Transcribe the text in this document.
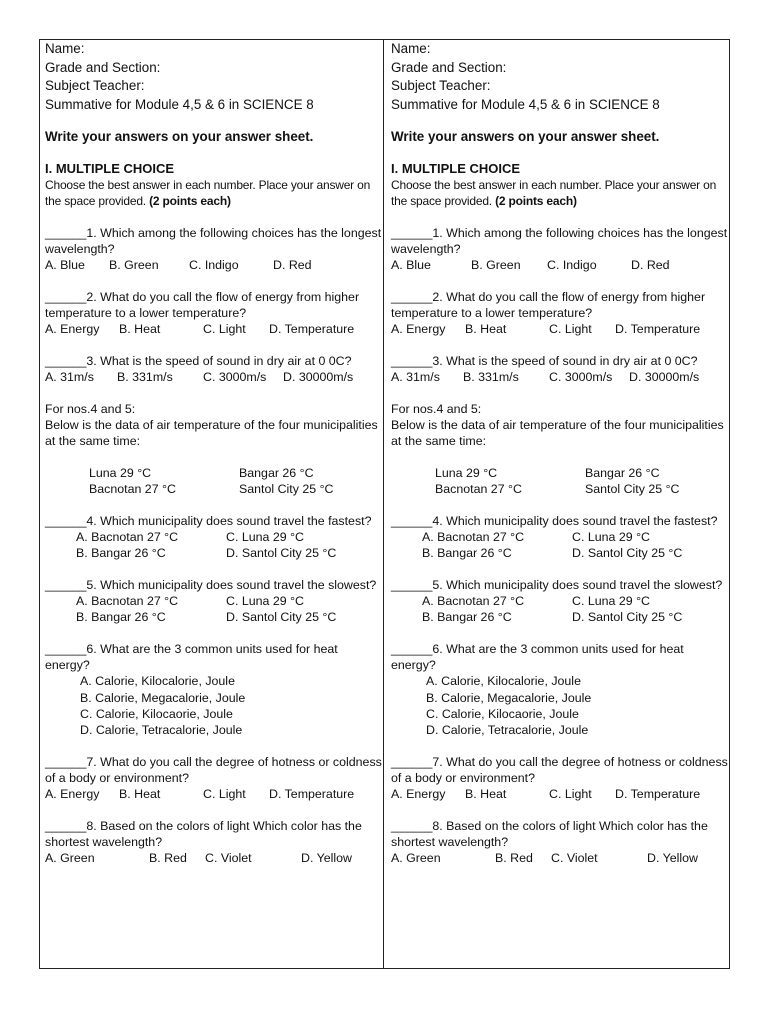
Name:

Grade and Section:

Subject Teacher:

Summative for Module 4,5 & 6 in SCIENCE 8

Write your answers on your answer sheet.

I. MULTIPLE CHOICE

Choose the best answer in each number. Place your answer on the space provided. (2 points each)

______1. Which among the following choices has the longest wavelength?

A. Blue	B. Green	C. Indigo	D. Red

______2. What do you call the flow of energy from higher temperature to a lower temperature?

A. Energy	B. Heat	C. Light	D. Temperature

______3. What is the speed of sound in dry air at 0 0C?

A. 31m/s	B. 331m/s	C. 3000m/s	D. 30000m/s

For nos.4 and 5:

Below is the data of air temperature of the four municipalities at the same time:

Luna 29 °C	Bangar 26 °C
Bacnotan 27 °C	Santol City 25 °C

______4. Which municipality does sound travel the fastest?

A. Bacnotan 27 °C	C. Luna 29 °C
B. Bangar 26 °C	D. Santol City 25 °C

______5. Which municipality does sound travel the slowest?

A. Bacnotan 27 °C	C. Luna 29 °C
B. Bangar 26 °C	D. Santol City 25 °C

______6. What are the 3 common units used for heat energy?

A. Calorie, Kilocalorie, Joule

B. Calorie, Megacalorie, Joule

C. Calorie, Kilocaorie, Joule

D. Calorie, Tetracalorie, Joule

______7. What do you call the degree of hotness or coldness of a body or environment?

A. Energy	B. Heat	C. Light	D. Temperature

______8. Based on the colors of light Which color has the shortest wavelength?

A. Green	B. Red	C. Violet	D. Yellow

Name:

Grade and Section:

Subject Teacher:

Summative for Module 4,5 & 6 in SCIENCE 8

Write your answers on your answer sheet.

I. MULTIPLE CHOICE

Choose the best answer in each number. Place your answer on the space provided. (2 points each)

______1. Which among the following choices has the longest wavelength?

A. Blue	B. Green	C. Indigo	D. Red

______2. What do you call the flow of energy from higher temperature to a lower temperature?

A. Energy	B. Heat	C. Light	D. Temperature

______3. What is the speed of sound in dry air at 0 0C?

A. 31m/s	B. 331m/s	C. 3000m/s	D. 30000m/s

For nos.4 and 5:

Below is the data of air temperature of the four municipalities at the same time:

Luna 29 °C	Bangar 26 °C
Bacnotan 27 °C	Santol City 25 °C

______4. Which municipality does sound travel the fastest?

A. Bacnotan 27 °C	C. Luna 29 °C
B. Bangar 26 °C	D. Santol City 25 °C

______5. Which municipality does sound travel the slowest?

A. Bacnotan 27 °C	C. Luna 29 °C
B. Bangar 26 °C	D. Santol City 25 °C

______6. What are the 3 common units used for heat energy?

A. Calorie, Kilocalorie, Joule

B. Calorie, Megacalorie, Joule

C. Calorie, Kilocaorie, Joule

D. Calorie, Tetracalorie, Joule

______7. What do you call the degree of hotness or coldness of a body or environment?

A. Energy	B. Heat	C. Light	D. Temperature

______8. Based on the colors of light Which color has the shortest wavelength?

A. Green	B. Red	C. Violet	D. Yellow
